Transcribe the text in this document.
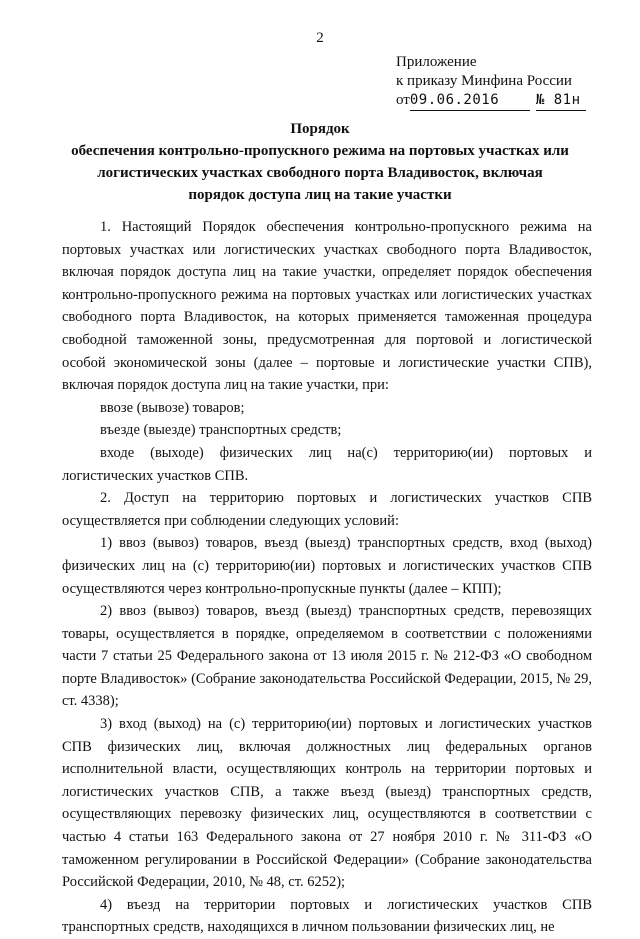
2
Приложение
к приказу Минфина России
от09.06.2016	№ 81н
Порядок
обеспечения контрольно-пропускного режима на портовых участках или логистических участках свободного порта Владивосток, включая порядок доступа лиц на такие участки

1. Настоящий Порядок обеспечения контрольно-пропускного режима на портовых участках или логистических участках свободного порта Владивосток, включая порядок доступа лиц на такие участки, определяет порядок обеспечения контрольно-пропускного режима на портовых участках или логистических участках свободного порта Владивосток, на которых применяется таможенная процедура свободной таможенной зоны, предусмотренная для портовой и логистической особой экономической зоны (далее – портовые и логистические участки СПВ), включая порядок доступа лиц на такие участки, при:

ввозе (вывозе) товаров;

въезде (выезде) транспортных средств;

входе (выходе) физических лиц на(с) территорию(ии) портовых и логистических участков СПВ.

2. Доступ на территорию портовых и логистических участков СПВ осуществляется при соблюдении следующих условий:

1) ввоз (вывоз) товаров, въезд (выезд) транспортных средств, вход (выход) физических лиц на (с) территорию(ии) портовых и логистических участков СПВ осуществляются через контрольно-пропускные пункты (далее – КПП);

2) ввоз (вывоз) товаров, въезд (выезд) транспортных средств, перевозящих товары, осуществляется в порядке, определяемом в соответствии с положениями части 7 статьи 25 Федерального закона от 13 июля 2015 г. № 212-ФЗ «О свободном порте Владивосток» (Собрание законодательства Российской Федерации, 2015, № 29, ст. 4338);

3) вход (выход) на (с) территорию(ии) портовых и логистических участков СПВ физических лиц, включая должностных лиц федеральных органов исполнительной власти, осуществляющих контроль на территории портовых и логистических участков СПВ, а также въезд (выезд) транспортных средств, осуществляющих перевозку физических лиц, осуществляются в соответствии с частью 4 статьи 163 Федерального закона от 27 ноября 2010 г. № 311-ФЗ «О таможенном регулировании в Российской Федерации» (Собрание законодательства Российской Федерации, 2010, № 48, ст. 6252);

4) въезд на территории портовых и логистических участков СПВ транспортных средств, находящихся в личном пользовании физических лиц, не
